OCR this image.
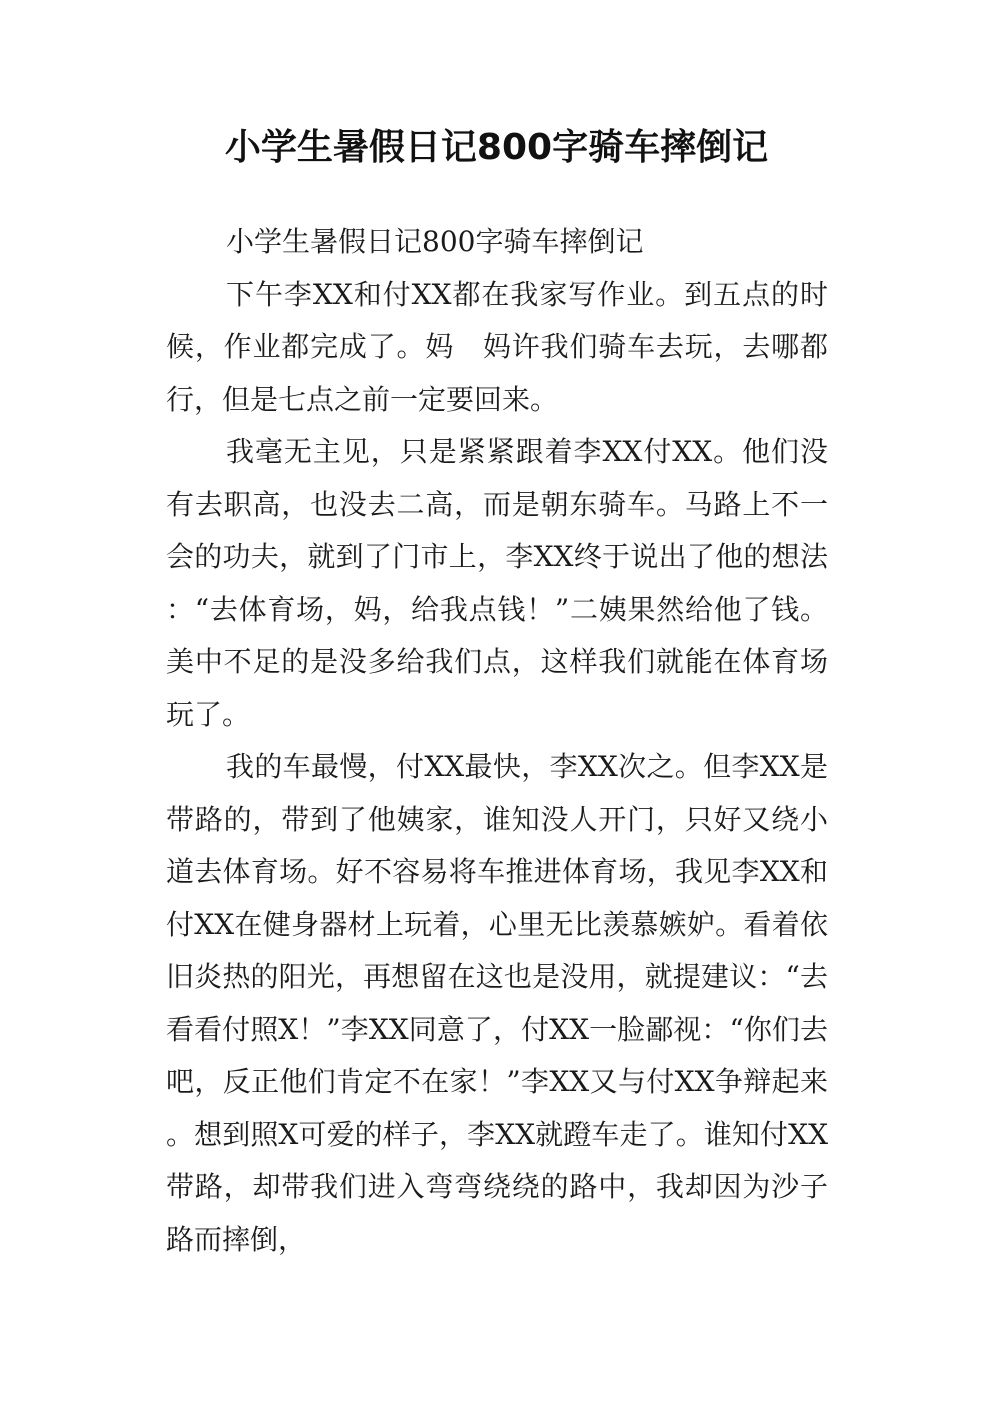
小学生暑假日记800字骑车摔倒记

小学生暑假日记800字骑车摔倒记

下午李XX和付XX都在我家写作业。到五点的时候，作业都完成了。妈　妈许我们骑车去玩，去哪都行，但是七点之前一定要回来。

我毫无主见，只是紧紧跟着李XX付XX。他们没有去职高，也没去二高，而是朝东骑车。马路上不一会的功夫，就到了门市上，李XX终于说出了他的想法：“去体育场，妈，给我点钱！”二姨果然给他了钱。美中不足的是没多给我们点，这样我们就能在体育场玩了。

我的车最慢，付XX最快，李XX次之。但李XX是带路的，带到了他姨家，谁知没人开门，只好又绕小道去体育场。好不容易将车推进体育场，我见李XX和付XX在健身器材上玩着，心里无比羡慕嫉妒。看着依旧炎热的阳光，再想留在这也是没用，就提建议：“去看看付照X！”李XX同意了，付XX一脸鄙视：“你们去吧，反正他们肯定不在家！”李XX又与付XX争辩起来。想到照X可爱的样子，李XX就蹬车走了。谁知付XX带路，却带我们进入弯弯绕绕的路中，我却因为沙子路而摔倒，
